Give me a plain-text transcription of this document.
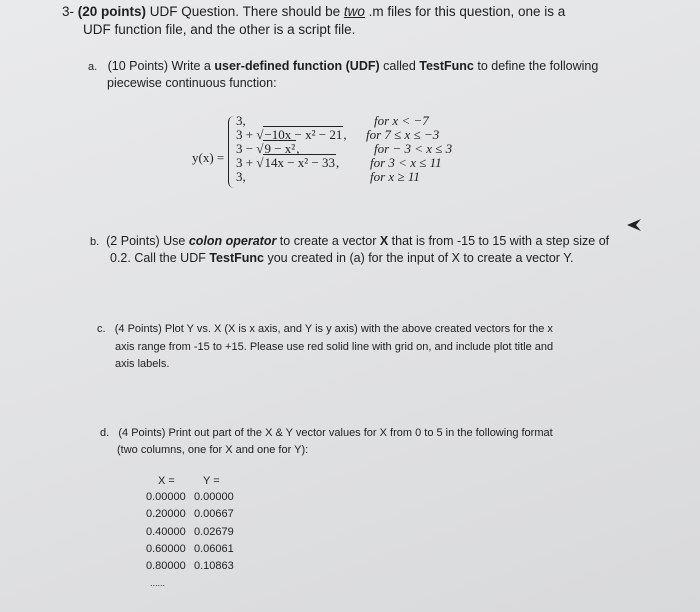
3- (20 points) UDF Question. There should be two .m files for this question, one is a
UDF function file, and the other is a script file.
a. (10 Points) Write a user-defined function (UDF) called TestFunc to define the following
piecewise continuous function:
y(x) =
3,	for x < −7
3 + √−10x − x² − 21, for 7 ≤ x ≤ −3
3 − √9 − x²,	for − 3 < x ≤ 3
3 + √14x − x² − 33, for 3 < x ≤ 11
3,	for x ≥ 11
b. (2 Points) Use colon operator to create a vector X that is from -15 to 15 with a step size of
0.2. Call the UDF TestFunc you created in (a) for the input of X to create a vector Y.
c. (4 Points) Plot Y vs. X (X is x axis, and Y is y axis) with the above created vectors for the x
axis range from -15 to +15. Please use red solid line with grid on, and include plot title and
axis labels.
d. (4 Points) Print out part of the X & Y vector values for X from 0 to 5 in the following format
(two columns, one for X and one for Y):
X =	Y =
0.00000 0.00000
0.20000 0.00667
0.40000 0.02679
0.60000 0.06061
0.80000 0.10863
......
